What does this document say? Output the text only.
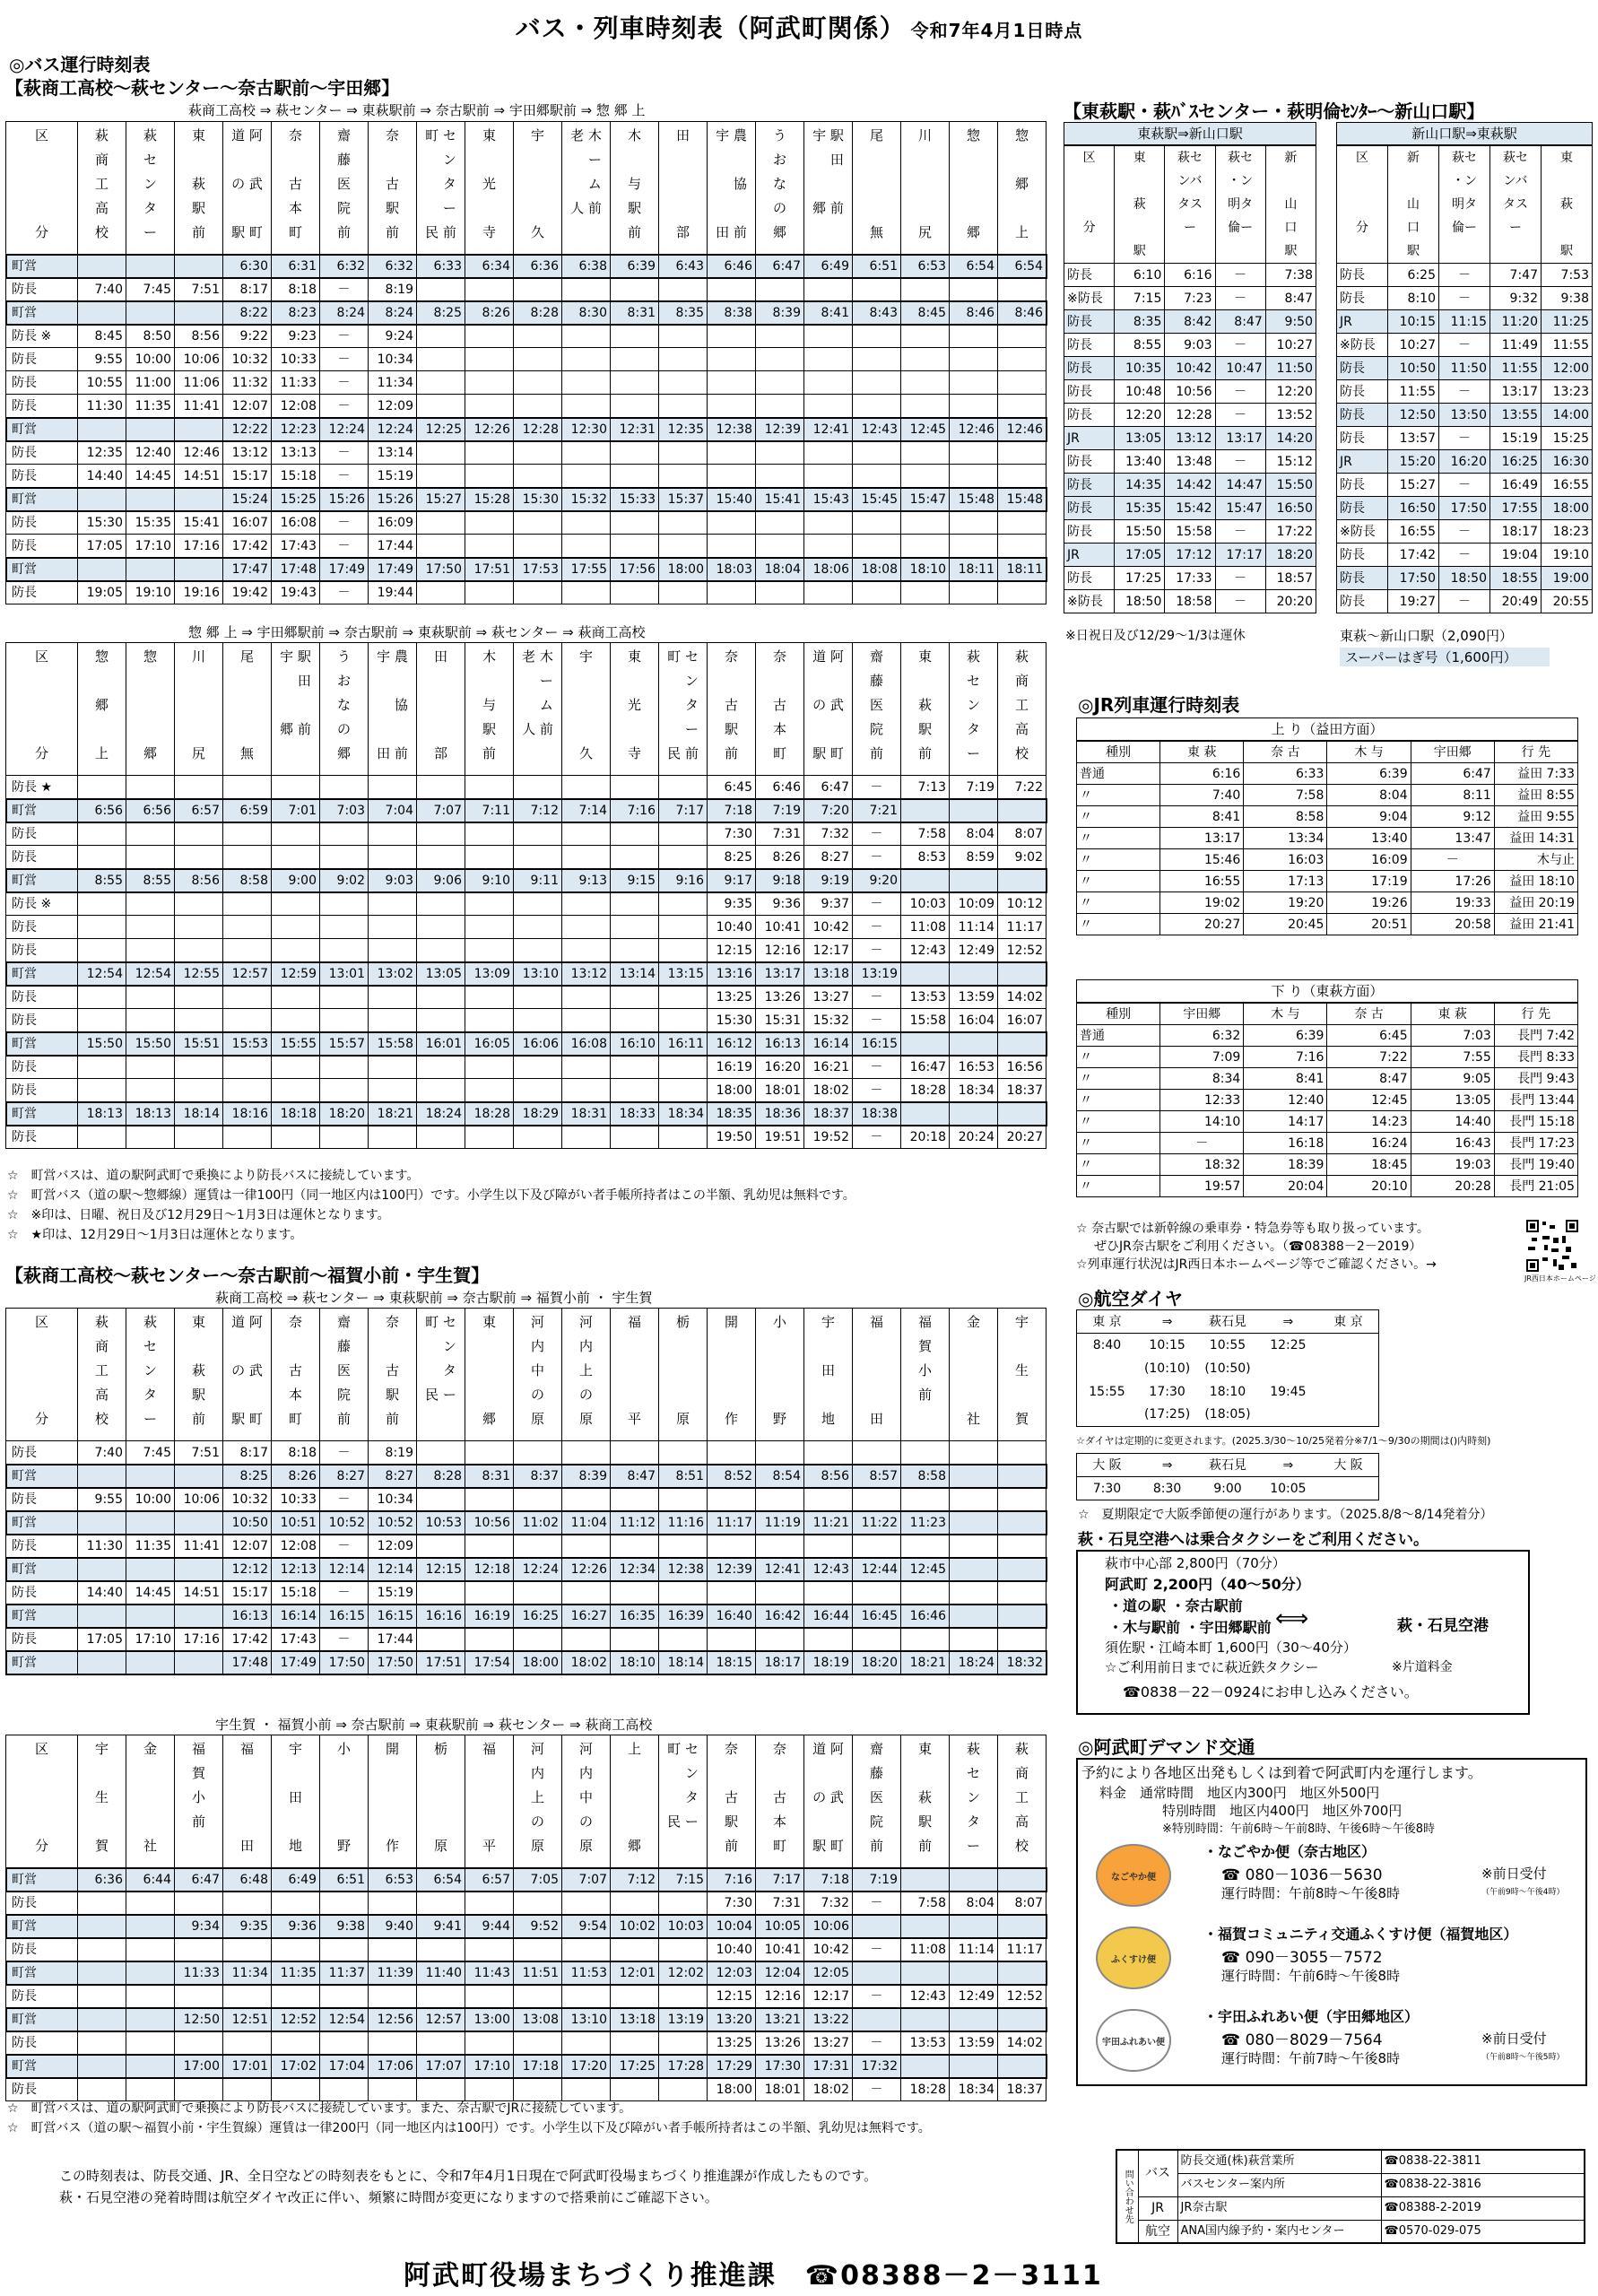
バス・列車時刻表（阿武町関係） 令和7年4月1日時点
◎バス運行時刻表
【萩商工高校～萩センター～奈古駅前～宇田郷】
萩商工高校 ⇒ 萩センター ⇒ 東萩駅前 ⇒ 奈古駅前 ⇒ 宇田郷駅前 ⇒ 惣 郷 上
区

分	萩
商
工
高
校	萩
セ
ン
タ
ー	東

萩
駅
前	道 阿

の 武

駅 町	奈

古
本
町	齋
藤
医
院
前	奈

古
駅
前	町 セ
　 ン
　 タ
　 ー
民 前	東

光

寺	宇

久	老 木
　 ー
　 ム
人 前	木

与
駅
前	田

部	宇 農

　 協

田 前	う
お
な
の
郷	宇 駅
　 田

郷 前	尾

無	川

尻	惣

郷	惣

郷

上
町営				6:30	6:31	6:32	6:32	6:33	6:34	6:36	6:38	6:39	6:43	6:46	6:47	6:49	6:51	6:53	6:54	6:54
防長	7:40	7:45	7:51	8:17	8:18	－	8:19													
町営				8:22	8:23	8:24	8:24	8:25	8:26	8:28	8:30	8:31	8:35	8:38	8:39	8:41	8:43	8:45	8:46	8:46
防長 ※	8:45	8:50	8:56	9:22	9:23	－	9:24													
防長	9:55	10:00	10:06	10:32	10:33	－	10:34													
防長	10:55	11:00	11:06	11:32	11:33	－	11:34													
防長	11:30	11:35	11:41	12:07	12:08	－	12:09													
町営				12:22	12:23	12:24	12:24	12:25	12:26	12:28	12:30	12:31	12:35	12:38	12:39	12:41	12:43	12:45	12:46	12:46
防長	12:35	12:40	12:46	13:12	13:13	－	13:14													
防長	14:40	14:45	14:51	15:17	15:18	－	15:19													
町営				15:24	15:25	15:26	15:26	15:27	15:28	15:30	15:32	15:33	15:37	15:40	15:41	15:43	15:45	15:47	15:48	15:48
防長	15:30	15:35	15:41	16:07	16:08	－	16:09													
防長	17:05	17:10	17:16	17:42	17:43	－	17:44													
町営				17:47	17:48	17:49	17:49	17:50	17:51	17:53	17:55	17:56	18:00	18:03	18:04	18:06	18:08	18:10	18:11	18:11
防長	19:05	19:10	19:16	19:42	19:43	－	19:44													
惣 郷 上 ⇒ 宇田郷駅前 ⇒ 奈古駅前 ⇒ 東萩駅前 ⇒ 萩センター ⇒ 萩商工高校
区

分	惣

郷

上	惣

郷	川

尻	尾

無	宇 駅
　 田

郷 前	う
お
な
の
郷	宇 農

　 協

田 前	田

部	木

与
駅
前	老 木
　 ー
　 ム
人 前	宇

久	東

光

寺	町 セ
　 ン
　 タ
　 ー
民 前	奈

古
駅
前	奈

古
本
町	道 阿

の 武

駅 町	齋
藤
医
院
前	東

萩
駅
前	萩
セ
ン
タ
ー	萩
商
工
高
校
防長 ★														6:45	6:46	6:47	－	7:13	7:19	7:22
町営	6:56	6:56	6:57	6:59	7:01	7:03	7:04	7:07	7:11	7:12	7:14	7:16	7:17	7:18	7:19	7:20	7:21			
防長														7:30	7:31	7:32	－	7:58	8:04	8:07
防長														8:25	8:26	8:27	－	8:53	8:59	9:02
町営	8:55	8:55	8:56	8:58	9:00	9:02	9:03	9:06	9:10	9:11	9:13	9:15	9:16	9:17	9:18	9:19	9:20			
防長 ※														9:35	9:36	9:37	－	10:03	10:09	10:12
防長														10:40	10:41	10:42	－	11:08	11:14	11:17
防長														12:15	12:16	12:17	－	12:43	12:49	12:52
町営	12:54	12:54	12:55	12:57	12:59	13:01	13:02	13:05	13:09	13:10	13:12	13:14	13:15	13:16	13:17	13:18	13:19			
防長														13:25	13:26	13:27	－	13:53	13:59	14:02
防長														15:30	15:31	15:32	－	15:58	16:04	16:07
町営	15:50	15:50	15:51	15:53	15:55	15:57	15:58	16:01	16:05	16:06	16:08	16:10	16:11	16:12	16:13	16:14	16:15			
防長														16:19	16:20	16:21	－	16:47	16:53	16:56
防長														18:00	18:01	18:02	－	18:28	18:34	18:37
町営	18:13	18:13	18:14	18:16	18:18	18:20	18:21	18:24	18:28	18:29	18:31	18:33	18:34	18:35	18:36	18:37	18:38			
防長														19:50	19:51	19:52	－	20:18	20:24	20:27
☆　町営バスは、道の駅阿武町で乗換により防長バスに接続しています。
☆　町営バス（道の駅～惣郷線）運賃は一律100円（同一地区内は100円）です。小学生以下及び障がい者手帳所持者はこの半額、乳幼児は無料です。
☆　※印は、日曜、祝日及び12月29日～1月3日は運休となります。
☆　★印は、12月29日～1月3日は運休となります。
【萩商工高校～萩センター～奈古駅前～福賀小前・宇生賀】
萩商工高校 ⇒ 萩センター ⇒ 東萩駅前 ⇒ 奈古駅前 ⇒ 福賀小前 ・ 宇生賀
区

分	萩
商
工
高
校	萩
セ
ン
タ
ー	東

萩
駅
前	道 阿

の 武

駅 町	奈

古
本
町	齋
藤
医
院
前	奈

古
駅
前	町 セ
　 ン
　 タ
民 ー	東

郷	河
内
中
の
原	河
内
上
の
原	福

平	栃

原	開

作	小

野	宇

田

地	福

田	福
賀
小
前	金

社	宇

生

賀
防長	7:40	7:45	7:51	8:17	8:18	－	8:19													
町営				8:25	8:26	8:27	8:27	8:28	8:31	8:37	8:39	8:47	8:51	8:52	8:54	8:56	8:57	8:58		
防長	9:55	10:00	10:06	10:32	10:33	－	10:34													
町営				10:50	10:51	10:52	10:52	10:53	10:56	11:02	11:04	11:12	11:16	11:17	11:19	11:21	11:22	11:23		
防長	11:30	11:35	11:41	12:07	12:08	－	12:09													
町営				12:12	12:13	12:14	12:14	12:15	12:18	12:24	12:26	12:34	12:38	12:39	12:41	12:43	12:44	12:45		
防長	14:40	14:45	14:51	15:17	15:18	－	15:19													
町営				16:13	16:14	16:15	16:15	16:16	16:19	16:25	16:27	16:35	16:39	16:40	16:42	16:44	16:45	16:46		
防長	17:05	17:10	17:16	17:42	17:43	－	17:44													
町営				17:48	17:49	17:50	17:50	17:51	17:54	18:00	18:02	18:10	18:14	18:15	18:17	18:19	18:20	18:21	18:24	18:32
宇生賀 ・ 福賀小前 ⇒ 奈古駅前 ⇒ 東萩駅前 ⇒ 萩センター ⇒ 萩商工高校
区

分	宇

生

賀	金

社	福
賀
小
前	福

田	宇

田

地	小

野	開

作	栃

原	福

平	河
内
上
の
原	河
内
中
の
原	上

郷	町 セ
　 ン
　 タ
民 ー	奈

古
駅
前	奈

古
本
町	道 阿

の 武

駅 町	齋
藤
医
院
前	東

萩
駅
前	萩
セ
ン
タ
ー	萩
商
工
高
校
町営	6:36	6:44	6:47	6:48	6:49	6:51	6:53	6:54	6:57	7:05	7:07	7:12	7:15	7:16	7:17	7:18	7:19			
防長														7:30	7:31	7:32	－	7:58	8:04	8:07
町営			9:34	9:35	9:36	9:38	9:40	9:41	9:44	9:52	9:54	10:02	10:03	10:04	10:05	10:06				
防長														10:40	10:41	10:42	－	11:08	11:14	11:17
町営			11:33	11:34	11:35	11:37	11:39	11:40	11:43	11:51	11:53	12:01	12:02	12:03	12:04	12:05				
防長														12:15	12:16	12:17	－	12:43	12:49	12:52
町営			12:50	12:51	12:52	12:54	12:56	12:57	13:00	13:08	13:10	13:18	13:19	13:20	13:21	13:22				
防長														13:25	13:26	13:27	－	13:53	13:59	14:02
町営			17:00	17:01	17:02	17:04	17:06	17:07	17:10	17:18	17:20	17:25	17:28	17:29	17:30	17:31	17:32			
防長														18:00	18:01	18:02	－	18:28	18:34	18:37
☆　町営バスは、道の駅阿武町で乗換により防長バスに接続しています。また、奈古駅でJRに接続しています。
☆　町営バス（道の駅～福賀小前・宇生賀線）運賃は一律200円（同一地区内は100円）です。小学生以下及び障がい者手帳所持者はこの半額、乳幼児は無料です。
この時刻表は、防長交通、JR、全日空などの時刻表をもとに、令和7年4月1日現在で阿武町役場まちづくり推進課が作成したものです。
萩・石見空港の発着時間は航空ダイヤ改正に伴い、頻繁に時間が変更になりますので搭乗前にご確認下さい。
阿武町役場まちづくり推進課　☎08388－2－3111
【東萩駅・萩ﾊﾞｽセンター・萩明倫ｾﾝﾀｰ～新山口駅】
東萩駅⇒新山口駅
区

分	東

萩

駅	萩セ
ンバ
タス
ー	萩セ
・ン
明タ
倫ー	新

山
口
駅
防長	6:10	6:16	－	7:38
※防長	7:15	7:23	－	8:47
防長	8:35	8:42	8:47	9:50
防長	8:55	9:03	－	10:27
防長	10:35	10:42	10:47	11:50
防長	10:48	10:56	－	12:20
防長	12:20	12:28	－	13:52
JR	13:05	13:12	13:17	14:20
防長	13:40	13:48	－	15:12
防長	14:35	14:42	14:47	15:50
防長	15:35	15:42	15:47	16:50
防長	15:50	15:58	－	17:22
JR	17:05	17:12	17:17	18:20
防長	17:25	17:33	－	18:57
※防長	18:50	18:58	－	20:20
新山口駅⇒東萩駅
区

分	新

山
口
駅	萩セ
・ン
明タ
倫ー	萩セ
ンバ
タス
ー	東

萩

駅
防長	6:25	－	7:47	7:53
防長	8:10	－	9:32	9:38
JR	10:15	11:15	11:20	11:25
※防長	10:27	－	11:49	11:55
防長	10:50	11:50	11:55	12:00
防長	11:55	－	13:17	13:23
防長	12:50	13:50	13:55	14:00
防長	13:57	－	15:19	15:25
JR	15:20	16:20	16:25	16:30
防長	15:27	－	16:49	16:55
防長	16:50	17:50	17:55	18:00
※防長	16:55	－	18:17	18:23
防長	17:42	－	19:04	19:10
防長	17:50	18:50	18:55	19:00
防長	19:27	－	20:49	20:55
※日祝日及び12/29～1/3は運休	東萩～新山口駅（2,090円）
スーパーはぎ号（1,600円）
◎JR列車運行時刻表
上 り（益田方面）
種別	東 萩	奈 古	木 与	宇田郷	行 先
普通	6:16	6:33	6:39	6:47	益田 7:33
〃	7:40	7:58	8:04	8:11	益田 8:55
〃	8:41	8:58	9:04	9:12	益田 9:55
〃	13:17	13:34	13:40	13:47	益田 14:31
〃	15:46	16:03	16:09	－	木与止
〃	16:55	17:13	17:19	17:26	益田 18:10
〃	19:02	19:20	19:26	19:33	益田 20:19
〃	20:27	20:45	20:51	20:58	益田 21:41
下 り（東萩方面）
種別	宇田郷	木 与	奈 古	東 萩	行 先
普通	6:32	6:39	6:45	7:03	長門 7:42
〃	7:09	7:16	7:22	7:55	長門 8:33
〃	8:34	8:41	8:47	9:05	長門 9:43
〃	12:33	12:40	12:45	13:05	長門 13:44
〃	14:10	14:17	14:23	14:40	長門 15:18
〃	－	16:18	16:24	16:43	長門 17:23
〃	18:32	18:39	18:45	19:03	長門 19:40
〃	19:57	20:04	20:10	20:28	長門 21:05
☆ 奈古駅では新幹線の乗車券・特急券等も取り扱っています。
ぜひJR奈古駅をご利用ください。（☎08388－2－2019）
☆列車運行状況はJR西日本ホームページ等でご確認ください。→
JR西日本ホームページ
◎航空ダイヤ
東 京	⇒	萩石見	⇒	東 京
8:40	10:15	10:55	12:25	
	(10:10)	(10:50)		
15:55	17:30	18:10	19:45	
	(17:25)	(18:05)		
☆ダイヤは定期的に変更されます。(2025.3/30～10/25発着分※7/1～9/30の期間は()内時刻)
大 阪	⇒	萩石見	⇒	大 阪
7:30	8:30	9:00	10:05	
☆　夏期限定で大阪季節便の運行があります。（2025.8/8～8/14発着分）
萩・石見空港へは乗合タクシーをご利用ください。
萩市中心部 2,800円（70分）
阿武町 2,200円（40～50分）
・道の駅 ・奈古駅前
・木与駅前 ・宇田郷駅前 ⟺	萩・石見空港
須佐駅・江崎本町 1,600円（30～40分）
☆ご利用前日までに萩近鉄タクシー	※片道料金
☎0838－22－0924にお申し込みください。
◎阿武町デマンド交通
予約により各地区出発もしくは到着で阿武町内を運行します。
料金　通常時間　地区内300円　地区外500円
特別時間　地区内400円　地区外700円
※特別時間：午前6時～午前8時、午後6時～午後8時
なごやか便
・なごやか便（奈古地区）
☎ 080－1036－5630
運行時間：午前8時～午後8時
※前日受付
（午前9時～午後4時）
ふくすけ便
・福賀コミュニティ交通ふくすけ便（福賀地区）
☎ 090－3055－7572
運行時間：午前6時～午後8時
宇田ふれあい便
・宇田ふれあい便（宇田郷地区）
☎ 080－8029－7564
運行時間：午前7時～午後8時
※前日受付
（午前8時～午後5時）
問い合わせ先	バス	防長交通(株)萩営業所	☎0838-22-3811
		バスセンター案内所	☎0838-22-3816
	JR	JR奈古駅	☎08388-2-2019
	航空	ANA国内線予約・案内センター	☎0570-029-075
